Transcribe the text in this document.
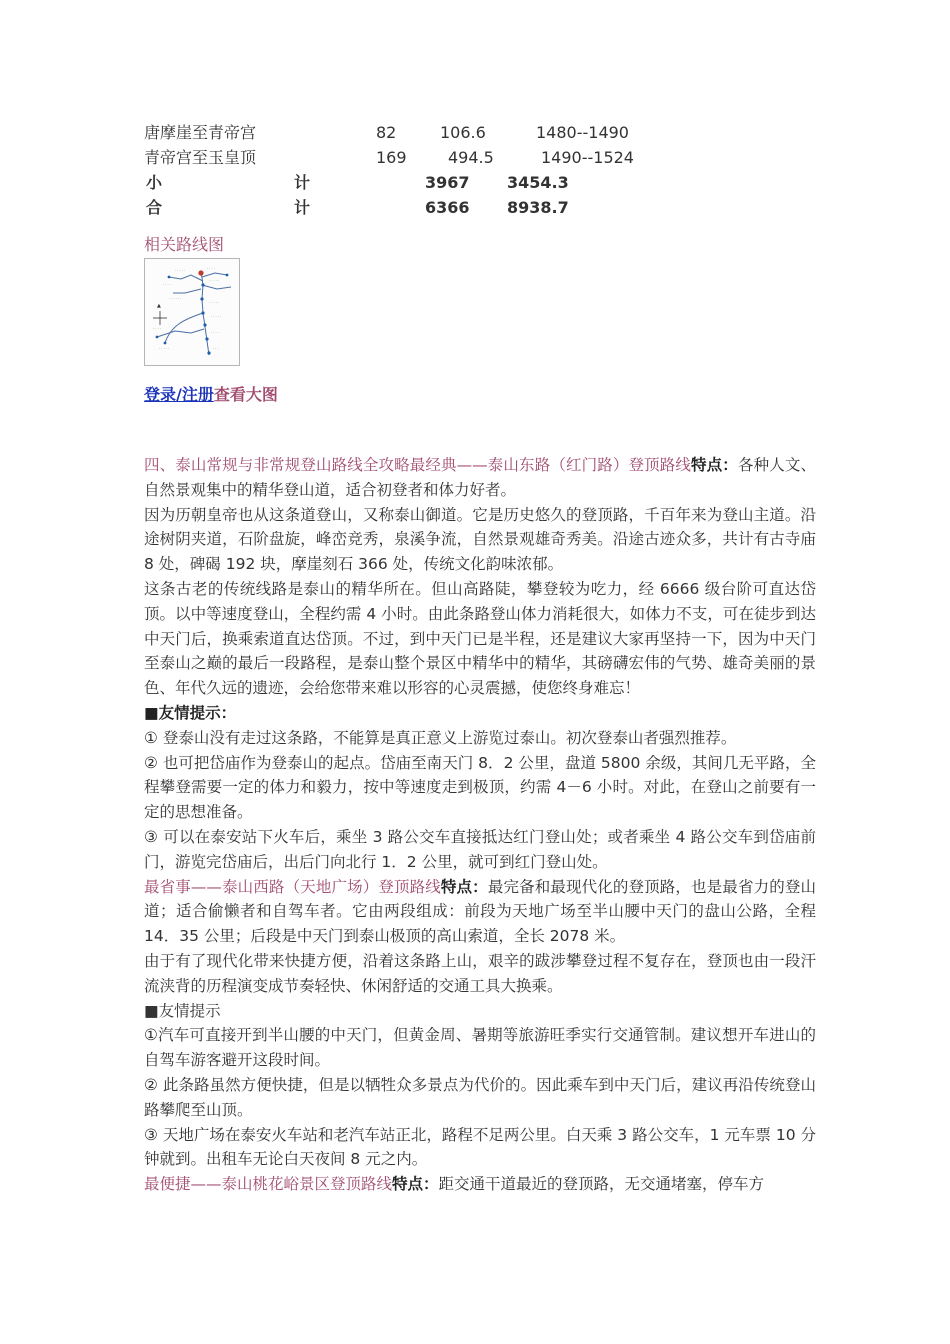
唐摩崖至青帝宫	82	106.6	1480--1490
青帝宫至玉皇顶	169	494.5	1490--1524
小	计	3967 3454.3
合	计	6366 8938.7
相关路线图
. . . . .	. . . .
. . . . .
. . . .
. . . . . .
. . . . .
. . . . .
. . . .
. . . .
. . . . .	. . .
▲
登录/注册查看大图

四、泰山常规与非常规登山路线全攻略最经典——泰山东路（红门路）登顶路线特点：各种人文、自然景观集中的精华登山道，适合初登者和体力好者。

因为历朝皇帝也从这条道登山，又称泰山御道。它是历史悠久的登顶路，千百年来为登山主道。沿途树阴夹道，石阶盘旋，峰峦竞秀，泉溪争流，自然景观雄奇秀美。沿途古迹众多，共计有古寺庙 8 处，碑碣 192 块，摩崖刻石 366 处，传统文化韵味浓郁。

这条古老的传统线路是泰山的精华所在。但山高路陡，攀登较为吃力，经 6666 级台阶可直达岱顶。以中等速度登山，全程约需 4 小时。由此条路登山体力消耗很大，如体力不支，可在徒步到达中天门后，换乘索道直达岱顶。不过，到中天门已是半程，还是建议大家再坚持一下，因为中天门至泰山之巅的最后一段路程，是泰山整个景区中精华中的精华，其磅礴宏伟的气势、雄奇美丽的景色、年代久远的遗迹，会给您带来难以形容的心灵震撼，使您终身难忘！

■友情提示：

① 登泰山没有走过这条路，不能算是真正意义上游览过泰山。初次登泰山者强烈推荐。

② 也可把岱庙作为登泰山的起点。岱庙至南天门 8．2 公里，盘道 5800 余级，其间几无平路，全程攀登需要一定的体力和毅力，按中等速度走到极顶，约需 4－6 小时。对此，在登山之前要有一定的思想准备。

③ 可以在泰安站下火车后，乘坐 3 路公交车直接抵达红门登山处；或者乘坐 4 路公交车到岱庙前门，游览完岱庙后，出后门向北行 1．2 公里，就可到红门登山处。

最省事——泰山西路（天地广场）登顶路线特点：最完备和最现代化的登顶路，也是最省力的登山道；适合偷懒者和自驾车者。它由两段组成：前段为天地广场至半山腰中天门的盘山公路，全程 14．35 公里；后段是中天门到泰山极顶的高山索道，全长 2078 米。

由于有了现代化带来快捷方便，沿着这条路上山，艰辛的跋涉攀登过程不复存在，登顶也由一段汗流浃背的历程演变成节奏轻快、休闲舒适的交通工具大换乘。

■友情提示

①汽车可直接开到半山腰的中天门，但黄金周、暑期等旅游旺季实行交通管制。建议想开车进山的自驾车游客避开这段时间。

② 此条路虽然方便快捷，但是以牺牲众多景点为代价的。因此乘车到中天门后，建议再沿传统登山路攀爬至山顶。

③ 天地广场在泰安火车站和老汽车站正北，路程不足两公里。白天乘 3 路公交车，1 元车票 10 分钟就到。出租车无论白天夜间 8 元之内。

最便捷——泰山桃花峪景区登顶路线特点：距交通干道最近的登顶路，无交通堵塞，停车方
